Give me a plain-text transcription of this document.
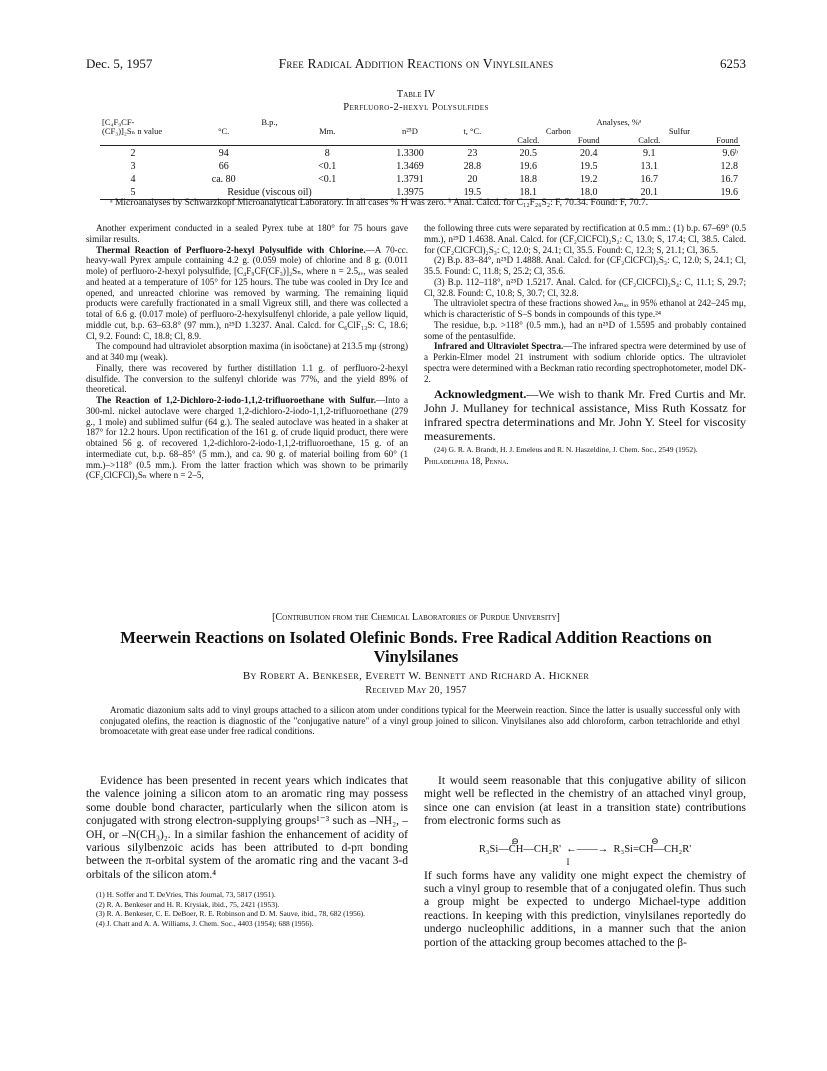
Dec. 5, 1957	Free Radical Addition Reactions on Vinylsilanes	6253
Table IV
Perfluoro-2-hexyl Polysulfides
[C₄F₉CF-(CF₃)]₂Sₙ n value	B.p.,		n²⁵D	t, °C.	Analyses, %ᵃ			
	°C.	Mm.			Carbon		Sulfur	
					Calcd.	Found	Calcd.	Found
2	94	8	1.3300	23	20.5	20.4	9.1	9.6ᵇ
3	66	<0.1	1.3469	28.8	19.6	19.5	13.1	12.8
4	ca. 80	<0.1	1.3791	20	18.8	19.2	16.7	16.7
5	Residue (viscous oil)		1.3975	19.5	18.1	18.0	20.1	19.6
ᵃ Microanalyses by Schwarzkopf Microanalytical Laboratory. In all cases % H was zero. ᵇ Anal. Calcd. for C₁₂F₂₆S₂: F, 70.34. Found: F, 70.7.

Another experiment conducted in a sealed Pyrex tube at 180° for 75 hours gave similar results.

Thermal Reaction of Perfluoro-2-hexyl Polysulfide with Chlorine.—A 70-cc. heavy-wall Pyrex ampule containing 4.2 g. (0.059 mole) of chlorine and 8 g. (0.011 mole) of perfluoro-2-hexyl polysulfide, [C₄F₉CF(CF₃)]₂Sₙ, where n = 2.5ₐᵥ, was sealed and heated at a temperature of 105° for 125 hours. The tube was cooled in Dry Ice and opened, and unreacted chlorine was removed by warming. The remaining liquid products were carefully fractionated in a small Vigreux still, and there was collected a total of 6.6 g. (0.017 mole) of perfluoro-2-hexylsulfenyl chloride, a pale yellow liquid, middle cut, b.p. 63–63.8° (97 mm.), n²⁵D 1.3237. Anal. Calcd. for C₆ClF₁₃S: C, 18.6; Cl, 9.2. Found: C, 18.8; Cl, 8.9.

The compound had ultraviolet absorption maxima (in isoöctane) at 213.5 mμ (strong) and at 340 mμ (weak).

Finally, there was recovered by further distillation 1.1 g. of perfluoro-2-hexyl disulfide. The conversion to the sulfenyl chloride was 77%, and the yield 89% of theoretical.

The Reaction of 1,2-Dichloro-2-iodo-1,1,2-trifluoroethane with Sulfur.—Into a 300-ml. nickel autoclave were charged 1,2-dichloro-2-iodo-1,1,2-trifluoroethane (279 g., 1 mole) and sublimed sulfur (64 g.). The sealed autoclave was heated in a shaker at 187° for 12.2 hours. Upon rectification of the 161 g. of crude liquid product, there were obtained 56 g. of recovered 1,2-dichloro-2-iodo-1,1,2-trifluoroethane, 15 g. of an intermediate cut, b.p. 68–85° (5 mm.), and ca. 90 g. of material boiling from 60° (1 mm.)–>118° (0.5 mm.). From the latter fraction which was shown to be primarily (CF₂ClCFCl)₂Sₙ where n = 2–5,

the following three cuts were separated by rectification at 0.5 mm.: (1) b.p. 67–69° (0.5 mm.), n²⁵D 1.4638. Anal. Calcd. for (CF₂ClCFCl)₂S₂: C, 13.0; S, 17.4; Cl, 38.5. Calcd. for (CF₂ClCFCl)₂S₃: C, 12.0; S, 24.1; Cl, 35.5. Found: C, 12.3; S, 21.1; Cl, 36.5.

(2) B.p. 83–84°, n²⁵D 1.4888. Anal. Calcd. for (CF₂ClCFCl)₂S₃: C, 12.0; S, 24.1; Cl, 35.5. Found: C, 11.8; S, 25.2; Cl, 35.6.

(3) B.p. 112–118°, n²⁵D 1.5217. Anal. Calcd. for (CF₂ClCFCl)₂S₄: C, 11.1; S, 29.7; Cl, 32.8. Found: C, 10.8; S, 30.7; Cl, 32.8.

The ultraviolet spectra of these fractions showed λₘₐₓ in 95% ethanol at 242–245 mμ, which is characteristic of S–S bonds in compounds of this type.²⁴

The residue, b.p. >118° (0.5 mm.), had an n²⁵D of 1.5595 and probably contained some of the pentasulfide.

Infrared and Ultraviolet Spectra.—The infrared spectra were determined by use of a Perkin-Elmer model 21 instrument with sodium chloride optics. The ultraviolet spectra were determined with a Beckman ratio recording spectrophotometer, model DK-2.

Acknowledgment.—We wish to thank Mr. Fred Curtis and Mr. John J. Mullaney for technical assistance, Miss Ruth Kossatz for infrared spectra determinations and Mr. John Y. Steel for viscosity measurements.

(24) G. R. A. Brandt, H. J. Emeleus and R. N. Haszeldine, J. Chem. Soc., 2549 (1952).

Philadelphia 18, Penna.

[Contribution from the Chemical Laboratories of Purdue University]
Meerwein Reactions on Isolated Olefinic Bonds. Free Radical Addition Reactions on Vinylsilanes
By Robert A. Benkeser, Everett W. Bennett and Richard A. Hickner
Received May 20, 1957

Aromatic diazonium salts add to vinyl groups attached to a silicon atom under conditions typical for the Meerwein reaction. Since the latter is usually successful only with conjugated olefins, the reaction is diagnostic of the "conjugative nature" of a vinyl group joined to silicon. Vinylsilanes also add chloroform, carbon tetrachloride and ethyl bromoacetate with great ease under free radical conditions.

Evidence has been presented in recent years which indicates that the valence joining a silicon atom to an aromatic ring may possess some double bond character, particularly when the silicon atom is conjugated with strong electron-supplying groups¹⁻³ such as –NH₂, –OH, or –N(CH₃)₂. In a similar fashion the enhancement of acidity of various silylbenzoic acids has been attributed to d-pπ bonding between the π-orbital system of the aromatic ring and the vacant 3-d orbitals of the silicon atom.⁴

(1) H. Soffer and T. DeVries, This Journal, 73, 5817 (1951).
(2) R. A. Benkeser and H. R. Krysiak, ibid., 75, 2421 (1953).
(3) R. A. Benkeser, C. E. DeBoer, R. E. Robinson and D. M. Sauve, ibid., 78, 682 (1956).
(4) J. Chatt and A. A. Williams, J. Chem. Soc., 4403 (1954); 688 (1956).

It would seem reasonable that this conjugative ability of silicon might well be reflected in the chemistry of an attached vinyl group, since one can envision (at least in a transition state) contributions from electronic forms such as

⊖	⊖
R₃Si—ĊH—CH₂R' ←——→ R₃Si=CH—CH₂R'
I

If such forms have any validity one might expect the chemistry of such a vinyl group to resemble that of a conjugated olefin. Thus such a group might be expected to undergo Michael-type addition reactions. In keeping with this prediction, vinylsilanes reportedly do undergo nucleophilic additions, in a manner such that the anion portion of the attacking group becomes attached to the β-
